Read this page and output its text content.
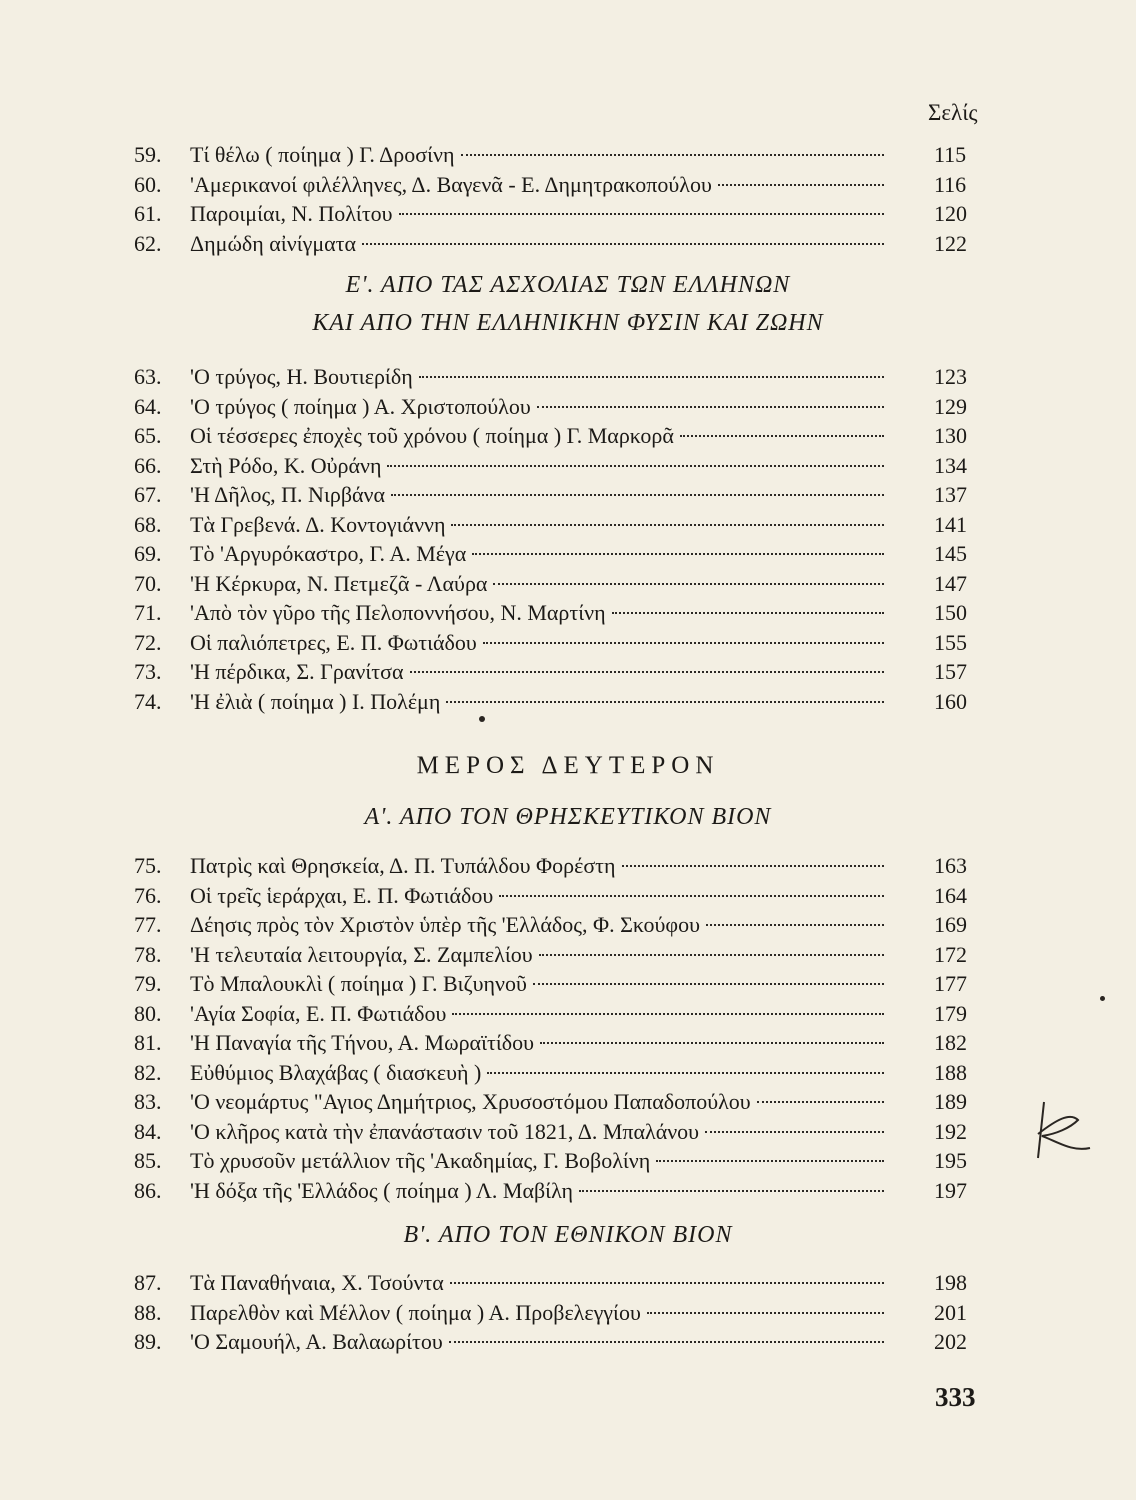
Σελίς
59.	Τί θέλω ( ποίημα ) Γ. Δροσίνη	115
60.	'Αμερικανοί φιλέλληνες, Δ. Βαγενᾶ - Ε. Δημητρακοπούλου	116
61.	Παροιμίαι, Ν. Πολίτου	120
62.	Δημώδη αἰνίγματα	122
Ε'. ΑΠΟ ΤΑΣ ΑΣΧΟΛΙΑΣ ΤΩΝ ΕΛΛΗΝΩΝ
ΚΑΙ ΑΠΟ ΤΗΝ ΕΛΛΗΝΙΚΗΝ ΦΥΣΙΝ ΚΑΙ ΖΩΗΝ
63.	'Ο τρύγος, Η. Βουτιερίδη	123
64.	'Ο τρύγος ( ποίημα ) Α. Χριστοπούλου	129
65.	Οἱ τέσσερες ἐποχὲς τοῦ χρόνου ( ποίημα ) Γ. Μαρκορᾶ	130
66.	Στὴ Ρόδο, Κ. Οὐράνη	134
67.	'Η Δῆλος, Π. Νιρβάνα	137
68.	Τὰ Γρεβενά. Δ. Κοντογιάννη	141
69.	Τὸ 'Αργυρόκαστρο, Γ. Α. Μέγα	145
70.	'Η Κέρκυρα, Ν. Πετμεζᾶ - Λαύρα	147
71.	'Απὸ τὸν γῦρο τῆς Πελοποννήσου, Ν. Μαρτίνη	150
72.	Οἱ παλιόπετρες, Ε. Π. Φωτιάδου	155
73.	'Η πέρδικα, Σ. Γρανίτσα	157
74.	'Η ἐλιὰ ( ποίημα ) Ι. Πολέμη	160
ΜΕΡΟΣ ΔΕΥΤΕΡΟΝ
Α'. ΑΠΟ ΤΟΝ ΘΡΗΣΚΕΥΤΙΚΟΝ ΒΙΟΝ
75.	Πατρὶς καὶ Θρησκεία, Δ. Π. Τυπάλδου Φορέστη	163
76.	Οἱ τρεῖς ἱεράρχαι, Ε. Π. Φωτιάδου	164
77.	Δέησις πρὸς τὸν Χριστὸν ὑπὲρ τῆς 'Ελλάδος, Φ. Σκούφου	169
78.	'Η τελευταία λειτουργία, Σ. Ζαμπελίου	172
79.	Τὸ Μπαλουκλὶ ( ποίημα ) Γ. Βιζυηνοῦ	177
80.	'Αγία Σοφία, Ε. Π. Φωτιάδου	179
81.	'Η Παναγία τῆς Τήνου, Α. Μωραϊτίδου	182
82.	Εὐθύμιος Βλαχάβας ( διασκευὴ )	188
83.	'Ο νεομάρτυς "Αγιος Δημήτριος, Χρυσοστόμου Παπαδοπούλου	189
84.	'Ο κλῆρος κατὰ τὴν ἐπανάστασιν τοῦ 1821, Δ. Μπαλάνου	192
85.	Τὸ χρυσοῦν μετάλλιον τῆς 'Ακαδημίας, Γ. Βοβολίνη	195
86.	'Η δόξα τῆς 'Ελλάδος ( ποίημα ) Λ. Μαβίλη	197
Β'. ΑΠΟ ΤΟΝ ΕΘΝΙΚΟΝ ΒΙΟΝ
87.	Τὰ Παναθήναια, Χ. Τσούντα	198
88.	Παρελθὸν καὶ Μέλλον ( ποίημα ) Α. Προβελεγγίου	201
89.	'Ο Σαμουήλ, Α. Βαλαωρίτου	202
333
